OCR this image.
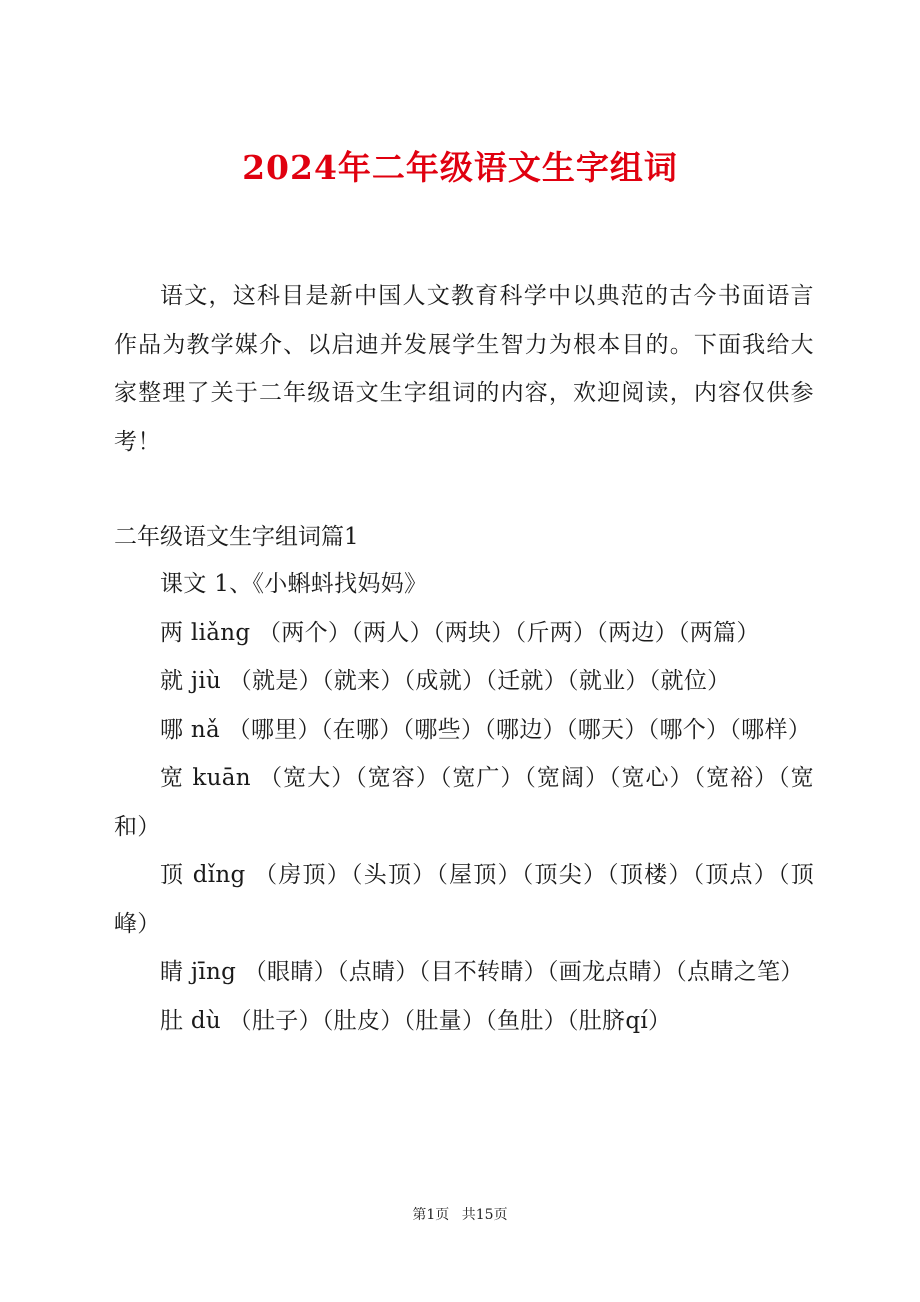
2024年二年级语文生字组词
语文，这科目是新中国人文教育科学中以典范的古今书面语言作品为教学媒介、以启迪并发展学生智力为根本目的。下面我给大家整理了关于二年级语文生字组词的内容，欢迎阅读，内容仅供参考！
二年级语文生字组词篇1
课文 1、《小蝌蚪找妈妈》
两 liǎng （两个）（两人）（两块）（斤两）（两边）（两篇）
就 jiù （就是）（就来）（成就）（迁就）（就业）（就位）
哪 nǎ （哪里）（在哪）（哪些）（哪边）（哪天）（哪个）（哪样）
宽 kuān （宽大）（宽容）（宽广）（宽阔）（宽心）（宽裕）（宽和）
顶 dǐng （房顶）（头顶）（屋顶）（顶尖）（顶楼）（顶点）（顶峰）
睛 jīng （眼睛）（点睛）（目不转睛）（画龙点睛）（点睛之笔）
肚 dù （肚子）（肚皮）（肚量）（鱼肚）（肚脐qí）
第1页 共15页
